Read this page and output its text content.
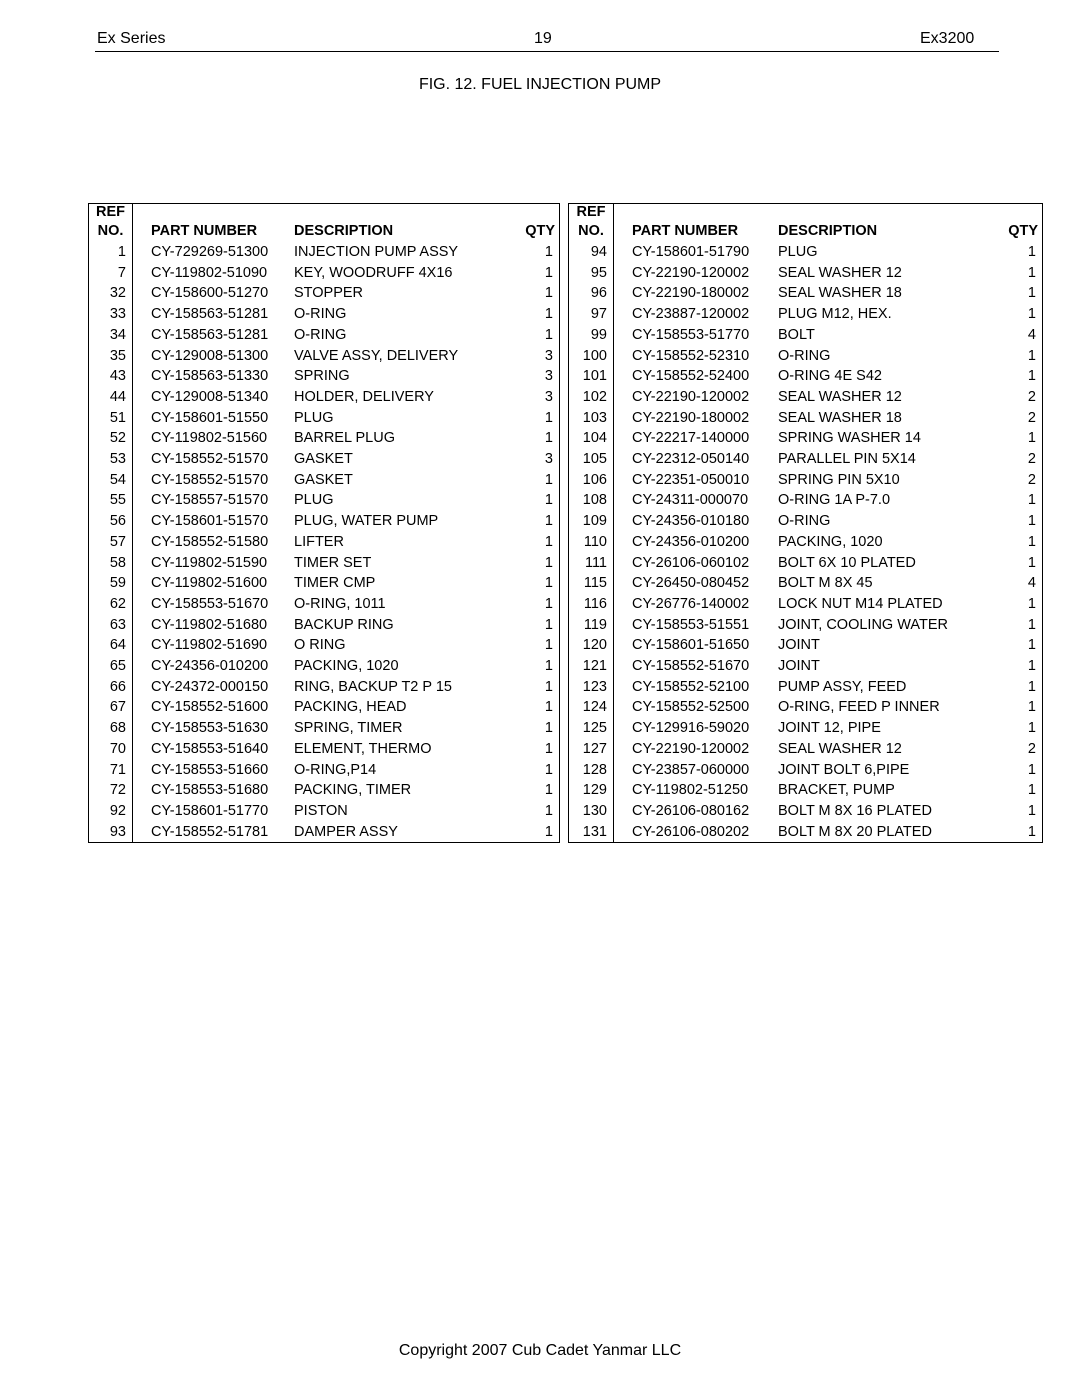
Ex Series	19	Ex3200
FIG. 12. FUEL INJECTION PUMP
REF			
NO.	PART NUMBER	DESCRIPTION	QTY
1	CY-729269-51300	INJECTION PUMP ASSY	1
7	CY-119802-51090	KEY, WOODRUFF 4X16	1
32	CY-158600-51270	STOPPER	1
33	CY-158563-51281	O-RING	1
34	CY-158563-51281	O-RING	1
35	CY-129008-51300	VALVE ASSY, DELIVERY	3
43	CY-158563-51330	SPRING	3
44	CY-129008-51340	HOLDER, DELIVERY	3
51	CY-158601-51550	PLUG	1
52	CY-119802-51560	BARREL PLUG	1
53	CY-158552-51570	GASKET	3
54	CY-158552-51570	GASKET	1
55	CY-158557-51570	PLUG	1
56	CY-158601-51570	PLUG, WATER PUMP	1
57	CY-158552-51580	LIFTER	1
58	CY-119802-51590	TIMER SET	1
59	CY-119802-51600	TIMER CMP	1
62	CY-158553-51670	O-RING, 1011	1
63	CY-119802-51680	BACKUP RING	1
64	CY-119802-51690	O RING	1
65	CY-24356-010200	PACKING, 1020	1
66	CY-24372-000150	RING, BACKUP T2 P 15	1
67	CY-158552-51600	PACKING, HEAD	1
68	CY-158553-51630	SPRING, TIMER	1
70	CY-158553-51640	ELEMENT, THERMO	1
71	CY-158553-51660	O-RING,P14	1
72	CY-158553-51680	PACKING, TIMER	1
92	CY-158601-51770	PISTON	1
93	CY-158552-51781	DAMPER ASSY	1
REF			
NO.	PART NUMBER	DESCRIPTION	QTY
94	CY-158601-51790	PLUG	1
95	CY-22190-120002	SEAL WASHER 12	1
96	CY-22190-180002	SEAL WASHER 18	1
97	CY-23887-120002	PLUG M12, HEX.	1
99	CY-158553-51770	BOLT	4
100	CY-158552-52310	O-RING	1
101	CY-158552-52400	O-RING 4E S42	1
102	CY-22190-120002	SEAL WASHER 12	2
103	CY-22190-180002	SEAL WASHER 18	2
104	CY-22217-140000	SPRING WASHER 14	1
105	CY-22312-050140	PARALLEL PIN 5X14	2
106	CY-22351-050010	SPRING PIN 5X10	2
108	CY-24311-000070	O-RING 1A P-7.0	1
109	CY-24356-010180	O-RING	1
110	CY-24356-010200	PACKING, 1020	1
111	CY-26106-060102	BOLT 6X 10 PLATED	1
115	CY-26450-080452	BOLT M 8X 45	4
116	CY-26776-140002	LOCK NUT M14 PLATED	1
119	CY-158553-51551	JOINT, COOLING WATER	1
120	CY-158601-51650	JOINT	1
121	CY-158552-51670	JOINT	1
123	CY-158552-52100	PUMP ASSY, FEED	1
124	CY-158552-52500	O-RING, FEED P INNER	1
125	CY-129916-59020	JOINT 12, PIPE	1
127	CY-22190-120002	SEAL WASHER 12	2
128	CY-23857-060000	JOINT BOLT 6,PIPE	1
129	CY-119802-51250	BRACKET, PUMP	1
130	CY-26106-080162	BOLT M 8X 16 PLATED	1
131	CY-26106-080202	BOLT M 8X 20 PLATED	1
Copyright 2007 Cub Cadet Yanmar LLC
